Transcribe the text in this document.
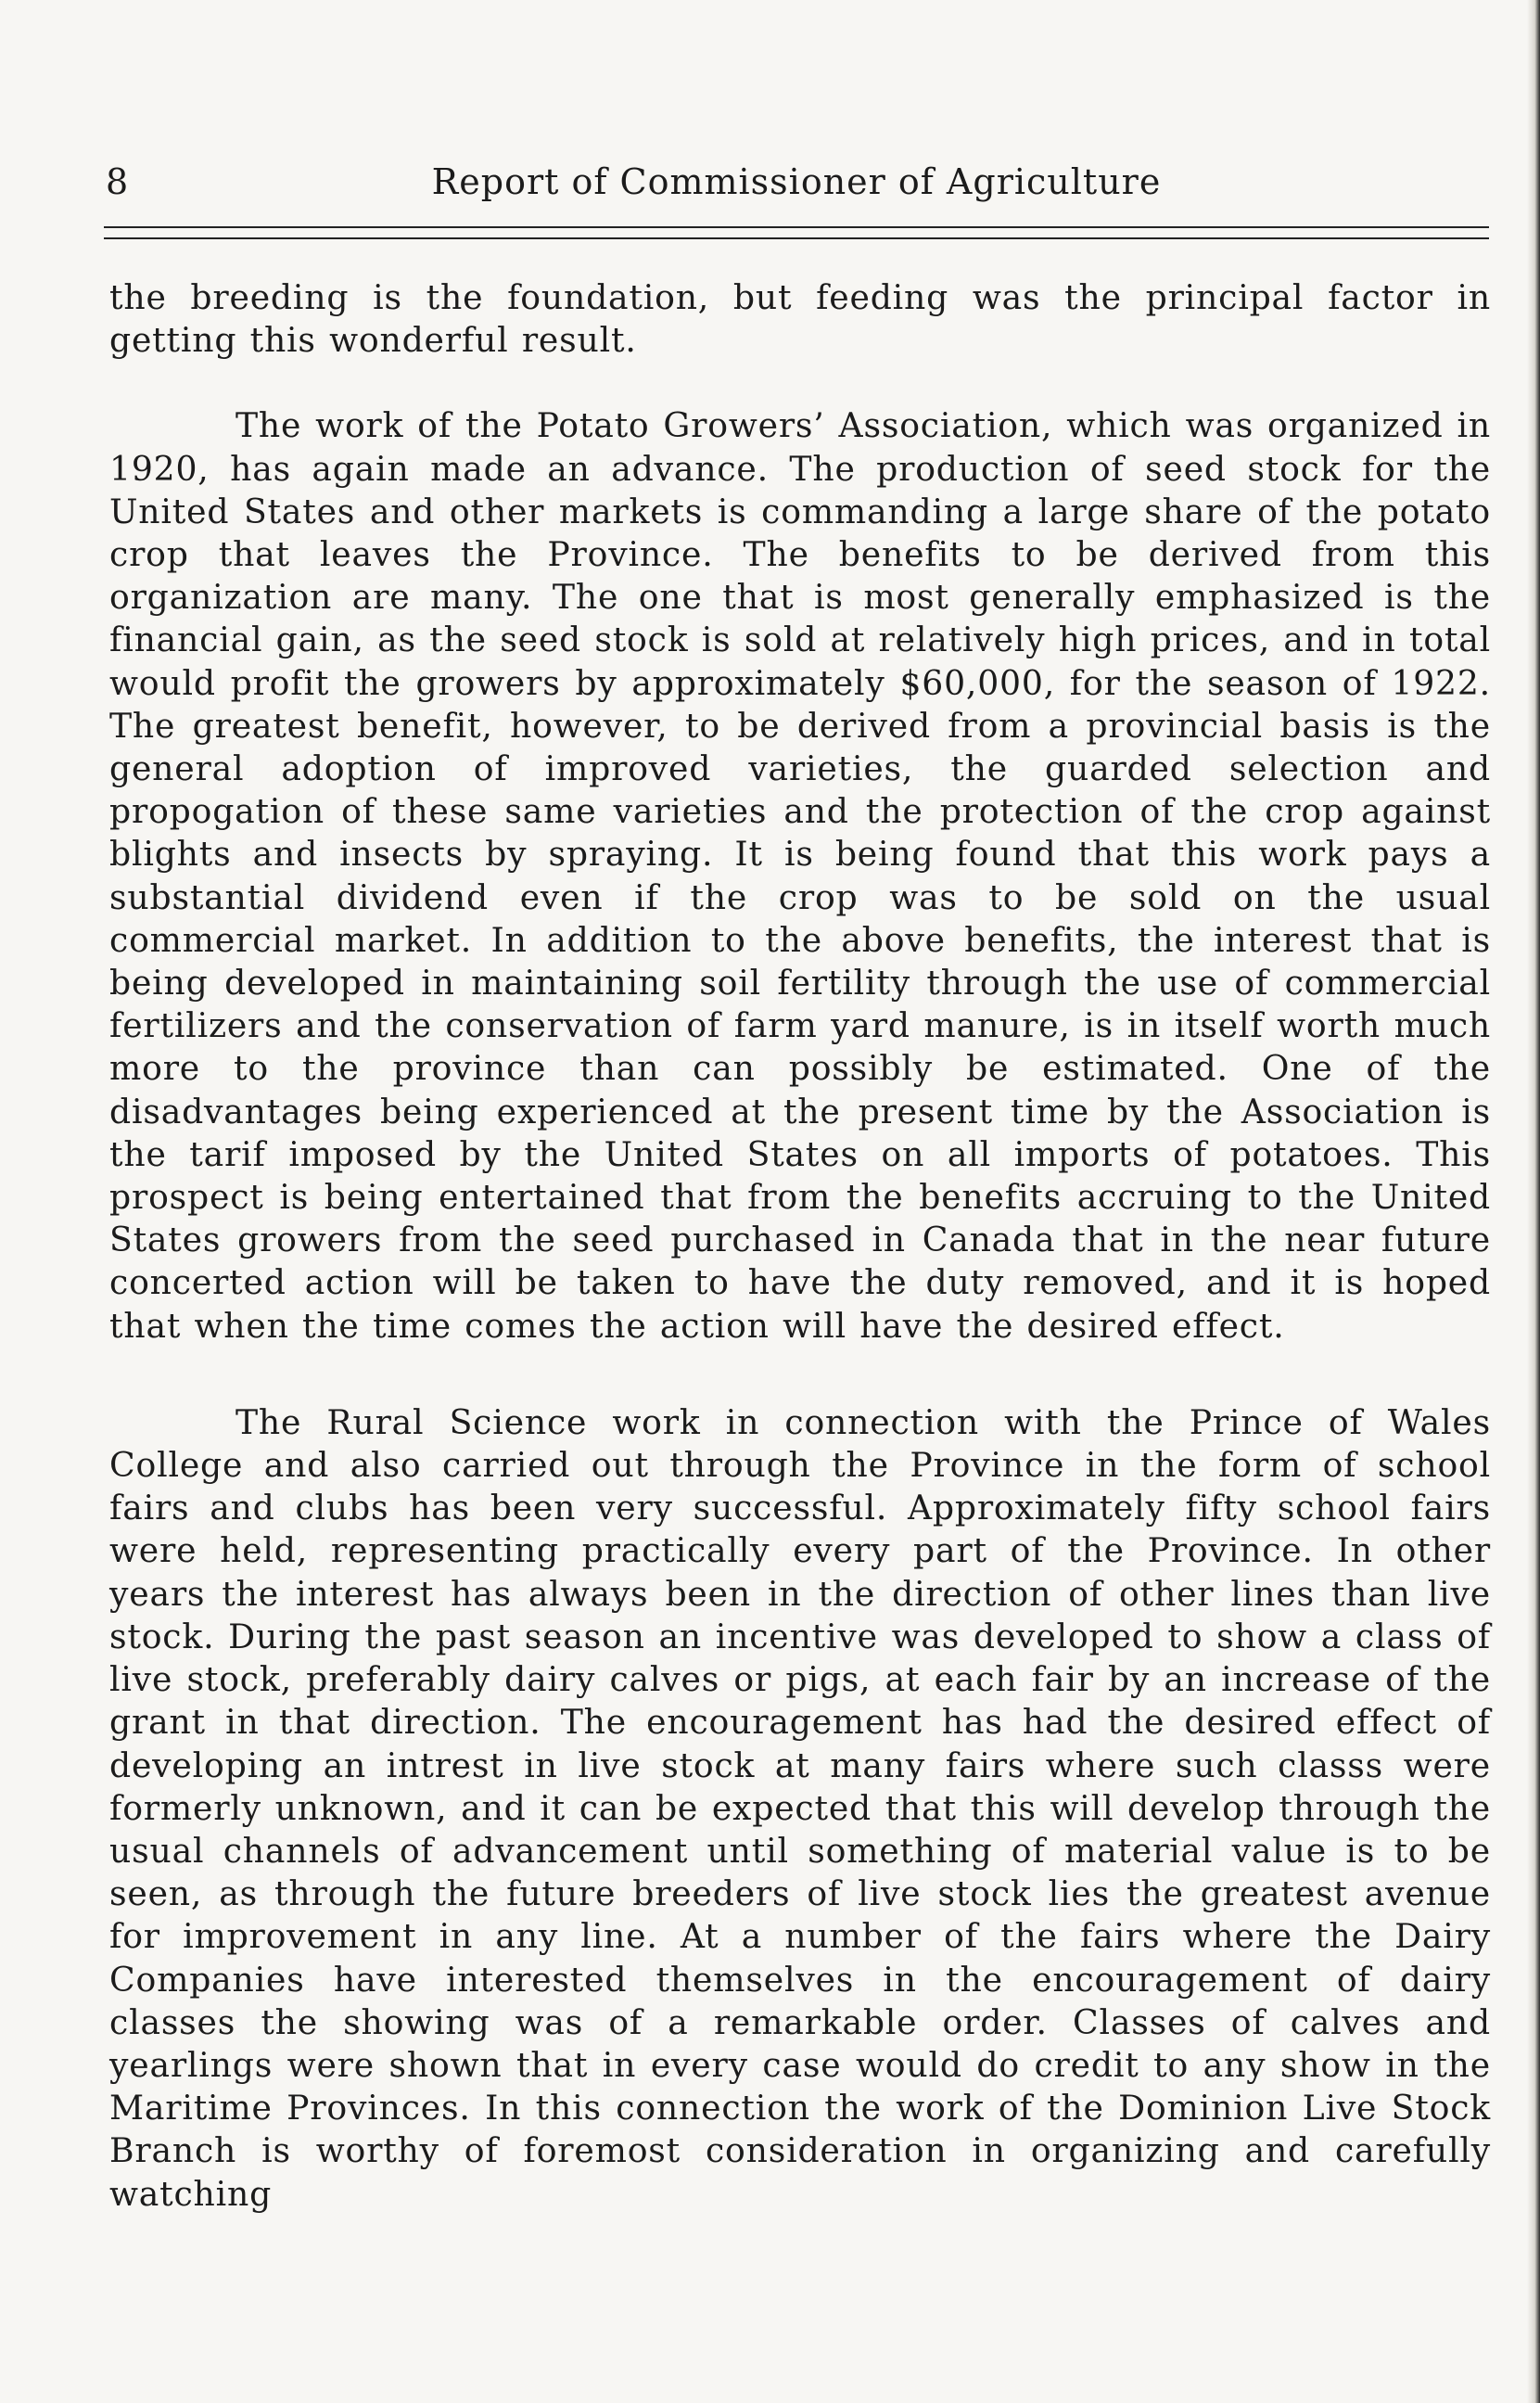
8	Report of Commissioner of Agriculture

the breeding is the foundation, but feeding was the principal factor in getting this wonderful result.

The work of the Potato Growers’ Association, which was organized in 1920, has again made an advance. The production of seed stock for the United States and other markets is commanding a large share of the potato crop that leaves the Province. The benefits to be derived from this organization are many. The one that is most generally emphasized is the financial gain, as the seed stock is sold at relatively high prices, and in total would profit the growers by approximately $60,000, for the season of 1922. The greatest benefit, however, to be derived from a provincial basis is the general adoption of improved varieties, the guarded selection and propogation of these same varieties and the protection of the crop against blights and insects by spraying. It is being found that this work pays a substantial dividend even if the crop was to be sold on the usual commercial market. In addition to the above benefits, the interest that is being developed in maintaining soil fertility through the use of commercial fertilizers and the conservation of farm yard manure, is in itself worth much more to the province than can possibly be estimated. One of the disadvantages being experienced at the present time by the Association is the tarif imposed by the United States on all imports of potatoes. This prospect is being entertained that from the benefits accruing to the United States growers from the seed purchased in Canada that in the near future concerted action will be taken to have the duty removed, and it is hoped that when the time comes the action will have the desired effect.

The Rural Science work in connection with the Prince of Wales College and also carried out through the Province in the form of school fairs and clubs has been very successful. Approximately fifty school fairs were held, representing practically every part of the Province. In other years the interest has always been in the direction of other lines than live stock. During the past season an incentive was developed to show a class of live stock, preferably dairy calves or pigs, at each fair by an increase of the grant in that direction. The encouragement has had the desired effect of developing an intrest in live stock at many fairs where such classs were formerly unknown, and it can be expected that this will develop through the usual channels of advancement until something of material value is to be seen, as through the future breeders of live stock lies the greatest avenue for improvement in any line. At a number of the fairs where the Dairy Companies have interested themselves in the encouragement of dairy classes the showing was of a remarkable order. Classes of calves and yearlings were shown that in every case would do credit to any show in the Maritime Provinces. In this connection the work of the Dominion Live Stock Branch is worthy of foremost consideration in organizing and carefully watching
